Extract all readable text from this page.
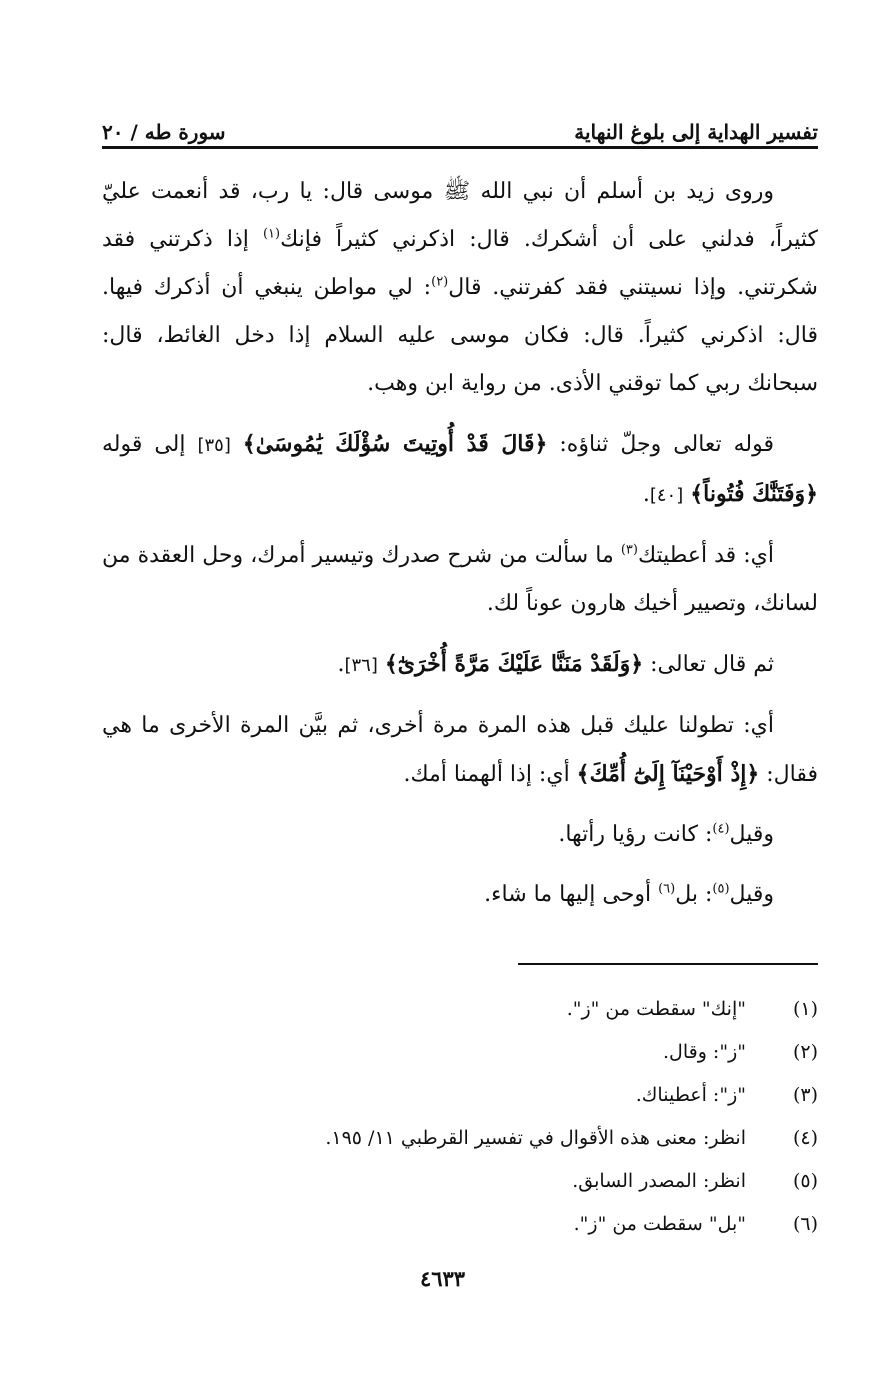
تفسير الهداية إلى بلوغ النهاية
سورة طه / ٢٠

وروى زيد بن أسلم أن نبي الله ﷺ موسى قال: يا رب، قد أنعمت عليّ كثيراً، فدلني على أن أشكرك. قال: اذكرني كثيراً فإنك$^{(١)}$ إذا ذكرتني فقد شكرتني. وإذا نسيتني فقد كفرتني. قال$^{(٢)}$: لي مواطن ينبغي أن أذكرك فيها. قال: اذكرني كثيراً. قال: فكان موسى عليه السلام إذا دخل الغائط، قال: سبحانك ربي كما توقني الأذى. من رواية ابن وهب.

قوله تعالى وجلّ ثناؤه: ﴿قَالَ قَدْ أُوتِيتَ سُؤْلَكَ يَٰمُوسَىٰ﴾ [٣٥] إلى قوله ﴿وَفَتَنَّٰكَ فُتُوناً﴾ [٤٠].

أي: قد أعطيتك$^{(٣)}$ ما سألت من شرح صدرك وتيسير أمرك، وحل العقدة من لسانك، وتصيير أخيك هارون عوناً لك.

ثم قال تعالى: ﴿وَلَقَدْ مَنَنَّا عَلَيْكَ مَرَّةً أُخْرَىٰٓ﴾ [٣٦].

أي: تطولنا عليك قبل هذه المرة مرة أخرى، ثم بيَّن المرة الأخرى ما هي فقال: ﴿إِذْ أَوْحَيْنَآ إِلَىٰٓ أُمِّكَ﴾ أي: إذا ألهمنا أمك.

وقيل$^{(٤)}$: كانت رؤيا رأتها.

وقيل$^{(٥)}$: بل$^{(٦)}$ أوحى إليها ما شاء.

(١)
"إنك" سقطت من "ز".
(٢)
"ز": وقال.
(٣)
"ز": أعطيناك.
(٤)
انظر: معنى هذه الأقوال في تفسير القرطبي ١١/ ١٩٥.
(٥)
انظر: المصدر السابق.
(٦)
"بل" سقطت من "ز".
٤٦٣٣
